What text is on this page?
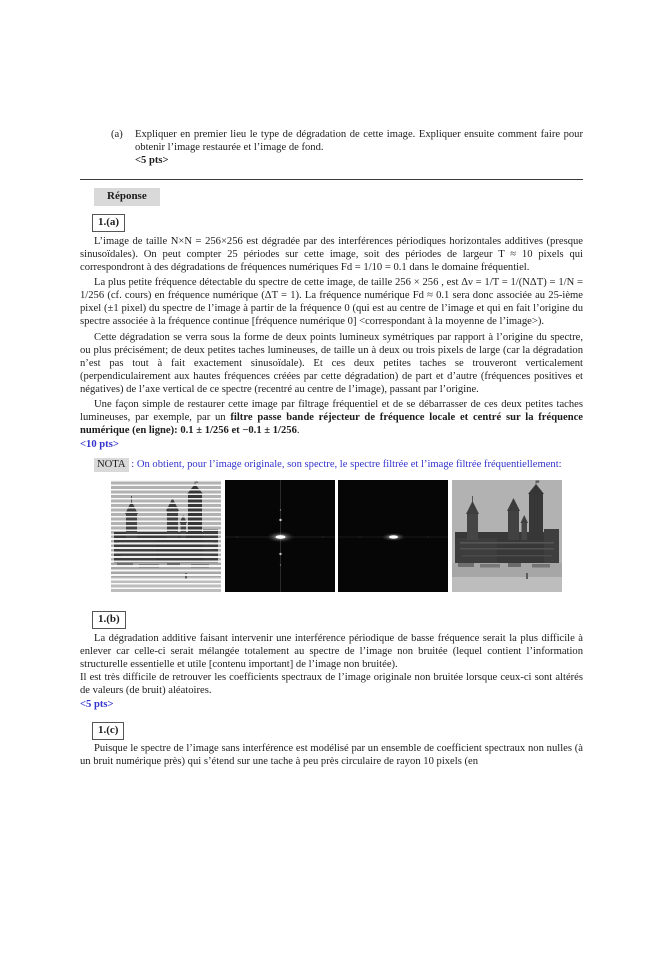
(a) Expliquer en premier lieu le type de dégradation de cette image. Expliquer ensuite comment faire pour obtenir l’image restaurée et l’image de fond.
<5 pts>
Réponse
1.(a)

L’image de taille N×N = 256×256 est dégradée par des interférences périodiques horizontales additives (presque sinusoïdales). On peut compter 25 périodes sur cette image, soit des périodes de largeur T ≈ 10 pixels qui correspondront à des dégradations de fréquences numériques Fd = 1/10 = 0.1 dans le domaine fréquentiel.

La plus petite fréquence détectable du spectre de cette image, de taille 256 × 256 , est Δν = 1/T = 1/(NΔT) = 1/N = 1/256 (cf. cours) en fréquence numérique (ΔT = 1). La fréquence numérique Fd ≈ 0.1 sera donc associée au 25-ième pixel (±1 pixel) du spectre de l’image à partir de la fréquence 0 (qui est au centre de l’image et qui en fait l’origine du spectre associée à la fréquence continue [fréquence numérique 0] <correspondant à la moyenne de l’image>).

Cette dégradation se verra sous la forme de deux points lumineux symétriques par rapport à l’origine du spectre, ou plus précisément; de deux petites taches lumineuses, de taille un à deux ou trois pixels de large (car la dégradation n’est pas tout à fait exactement sinusoïdale). Et ces deux petites taches se trouveront verticalement (perpendiculairement aux hautes fréquences créées par cette dégradation) de part et d’autre (fréquences positives et négatives) de l’axe vertical de ce spectre (recentré au centre de l’image), passant par l’origine.

Une façon simple de restaurer cette image par filtrage fréquentiel et de se débarrasser de ces deux petites taches lumineuses, par exemple, par un filtre passe bande réjecteur de fréquence locale et centré sur la fréquence numérique (en ligne): 0.1 ± 1/256 et −0.1 ± 1/256.

<10 pts>

NOTA : On obtient, pour l’image originale, son spectre, le spectre filtrée et l’image filtrée fréquentiellement:

1.(b)

La dégradation additive faisant intervenir une interférence périodique de basse fréquence serait la plus difficile à enlever car celle-ci serait mélangée totalement au spectre de l’image non bruitée (lequel contient l’information structurelle essentielle et utile [contenu important] de l’image non bruitée).

Il est très difficile de retrouver les coefficients spectraux de l’image originale non bruitée lorsque ceux-ci sont altérés de valeurs (de bruit) aléatoires.

<5 pts>
1.(c)

Puisque le spectre de l’image sans interférence est modélisé par un ensemble de coefficient spectraux non nulles (à un bruit numérique près) qui s’étend sur une tache à peu près circulaire de rayon 10 pixels (en
